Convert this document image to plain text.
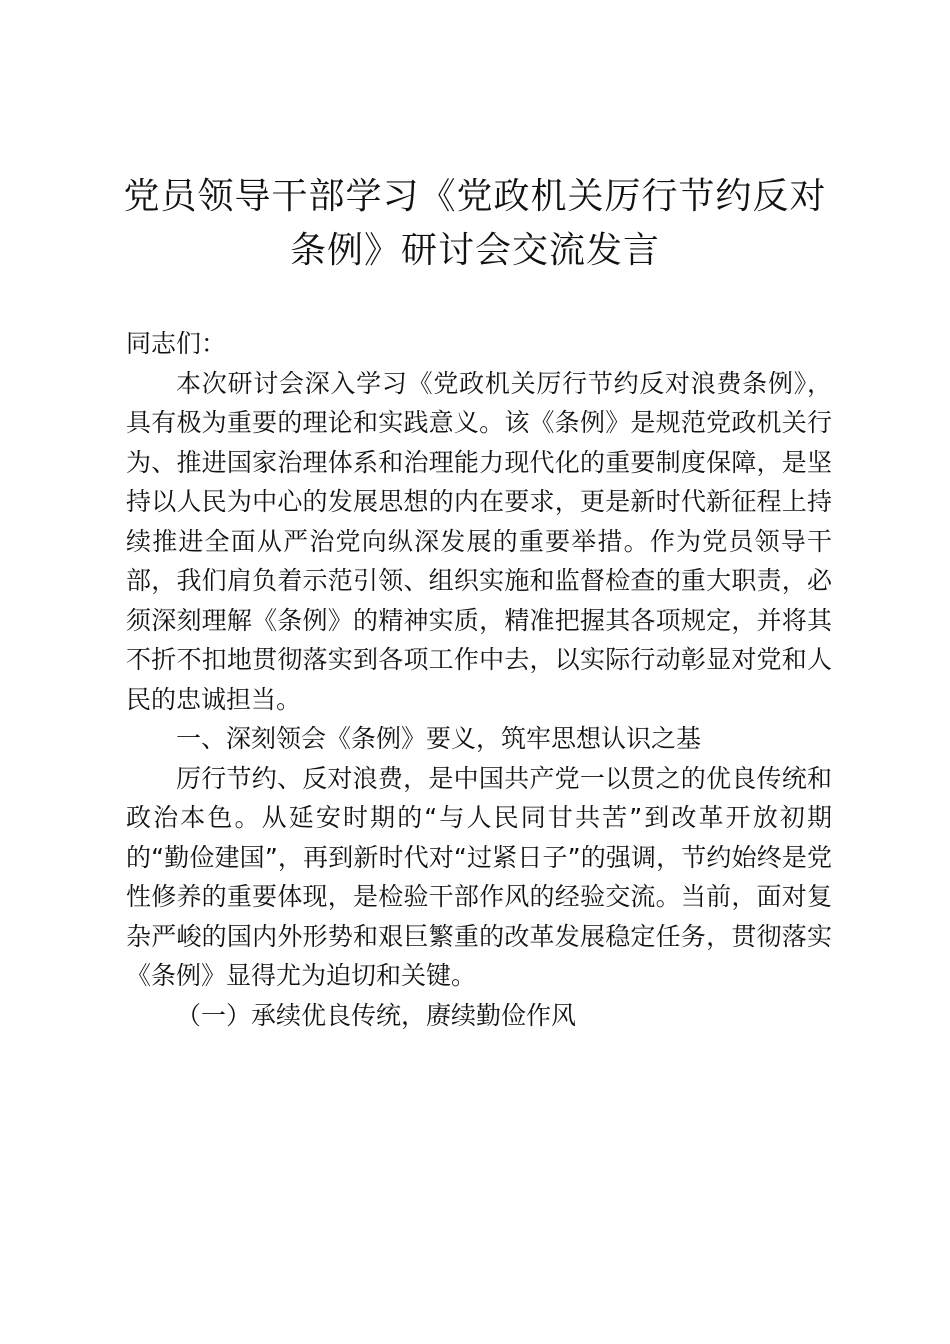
党员领导干部学习《党政机关厉行节约反对条例》研讨会交流发言

同志们：

本次研讨会深入学习《党政机关厉行节约反对浪费条例》，具有极为重要的理论和实践意义。该《条例》是规范党政机关行为、推进国家治理体系和治理能力现代化的重要制度保障，是坚持以人民为中心的发展思想的内在要求，更是新时代新征程上持续推进全面从严治党向纵深发展的重要举措。作为党员领导干部，我们肩负着示范引领、组织实施和监督检查的重大职责，必须深刻理解《条例》的精神实质，精准把握其各项规定，并将其不折不扣地贯彻落实到各项工作中去，以实际行动彰显对党和人民的忠诚担当。

一、深刻领会《条例》要义，筑牢思想认识之基

厉行节约、反对浪费，是中国共产党一以贯之的优良传统和政治本色。从延安时期的“与人民同甘共苦”到改革开放初期的“勤俭建国”，再到新时代对“过紧日子”的强调，节约始终是党性修养的重要体现，是检验干部作风的经验交流。当前，面对复杂严峻的国内外形势和艰巨繁重的改革发展稳定任务，贯彻落实《条例》显得尤为迫切和关键。

（一）承续优良传统，赓续勤俭作风
